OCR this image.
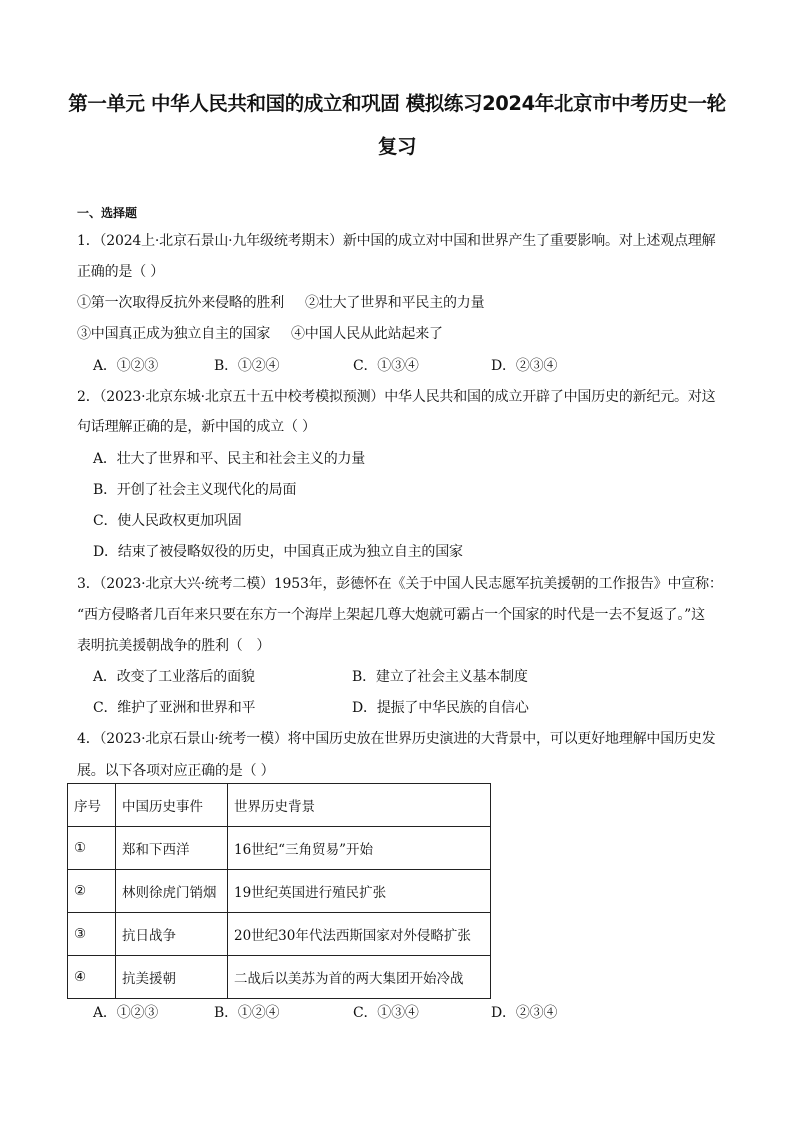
第一单元 中华人民共和国的成立和巩固 模拟练习2024年北京市中考历史一轮复习
一、选择题
1．（2024上·北京石景山·九年级统考期末）新中国的成立对中国和世界产生了重要影响。对上述观点理解
正确的是（ ）
①第一次取得反抗外来侵略的胜利 ②壮大了世界和平民主的力量
③中国真正成为独立自主的国家 ④中国人民从此站起来了
A．①②③	B．①②④	C．①③④	D．②③④
2．（2023·北京东城·北京五十五中校考模拟预测）中华人民共和国的成立开辟了中国历史的新纪元。对这
句话理解正确的是，新中国的成立（ ）
A．壮大了世界和平、民主和社会主义的力量
B．开创了社会主义现代化的局面
C．使人民政权更加巩固
D．结束了被侵略奴役的历史，中国真正成为独立自主的国家
3．（2023·北京大兴·统考二模）1953年，彭德怀在《关于中国人民志愿军抗美援朝的工作报告》中宣称：
“西方侵略者几百年来只要在东方一个海岸上架起几尊大炮就可霸占一个国家的时代是一去不复返了。”这
表明抗美援朝战争的胜利（　）
A．改变了工业落后的面貌	B．建立了社会主义基本制度
C．维护了亚洲和世界和平	D．提振了中华民族的自信心
4．（2023·北京石景山·统考一模）将中国历史放在世界历史演进的大背景中，可以更好地理解中国历史发
展。以下各项对应正确的是（ ）
序号	中国历史事件	世界历史背景
①	郑和下西洋	16世纪“三角贸易”开始
②	林则徐虎门销烟	19世纪英国进行殖民扩张
③	抗日战争	20世纪30年代法西斯国家对外侵略扩张
④	抗美援朝	二战后以美苏为首的两大集团开始冷战
A．①②③	B．①②④	C．①③④	D．②③④
